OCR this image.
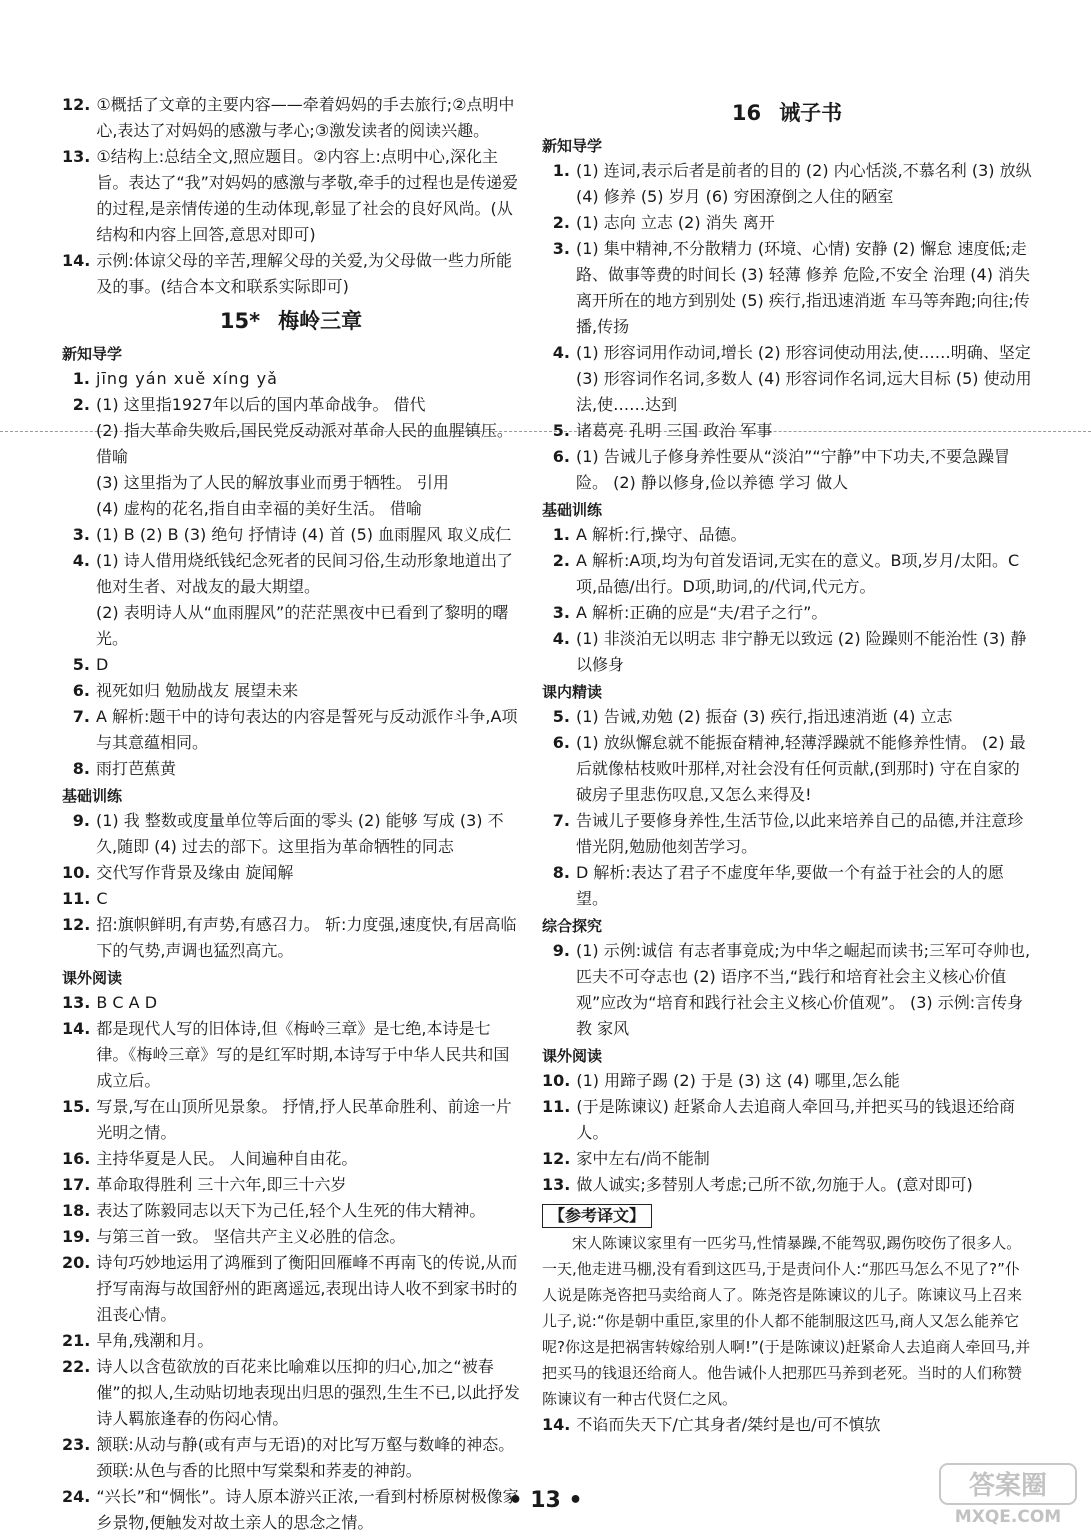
12. ①概括了文章的主要内容——牵着妈妈的手去旅行;②点明中心,表达了对妈妈的感激与孝心;③激发读者的阅读兴趣。

13. ①结构上:总结全文,照应题目。②内容上:点明中心,深化主旨。表达了“我”对妈妈的感激与孝敬,牵手的过程也是传递爱的过程,是亲情传递的生动体现,彰显了社会的良好风尚。(从结构和内容上回答,意思对即可)

14. 示例:体谅父母的辛苦,理解父母的关爱,为父母做一些力所能及的事。(结合本文和联系实际即可)

15* 梅岭三章
新知导学
1. jīng yán xuě xíng yǎ

2. (1) 这里指1927年以后的国内革命战争。 借代

(2) 指大革命失败后,国民党反动派对革命人民的血腥镇压。 借喻

(3) 这里指为了人民的解放事业而勇于牺牲。 引用

(4) 虚构的花名,指自由幸福的美好生活。 借喻

3. (1) B (2) B (3) 绝句 抒情诗 (4) 首 (5) 血雨腥风 取义成仁

4. (1) 诗人借用烧纸钱纪念死者的民间习俗,生动形象地道出了他对生者、对战友的最大期望。

(2) 表明诗人从“血雨腥风”的茫茫黑夜中已看到了黎明的曙光。

5. D

6. 视死如归 勉励战友 展望未来

7. A 解析:题干中的诗句表达的内容是誓死与反动派作斗争,A项与其意蕴相同。

8. 雨打芭蕉黄

基础训练
9. (1) 我 整数或度量单位等后面的零头 (2) 能够 写成 (3) 不久,随即 (4) 过去的部下。这里指为革命牺牲的同志

10. 交代写作背景及缘由 旋闻解

11. C

12. 招:旗帜鲜明,有声势,有感召力。 斩:力度强,速度快,有居高临下的气势,声调也猛烈高亢。

课外阅读
13. B C A D

14. 都是现代人写的旧体诗,但《梅岭三章》是七绝,本诗是七律。《梅岭三章》写的是红军时期,本诗写于中华人民共和国成立后。

15. 写景,写在山顶所见景象。 抒情,抒人民革命胜利、前途一片光明之情。

16. 主持华夏是人民。 人间遍种自由花。

17. 革命取得胜利 三十六年,即三十六岁

18. 表达了陈毅同志以天下为己任,轻个人生死的伟大精神。

19. 与第三首一致。 坚信共产主义必胜的信念。

20. 诗句巧妙地运用了鸿雁到了衡阳回雁峰不再南飞的传说,从而抒写南海与故国舒州的距离遥远,表现出诗人收不到家书时的沮丧心情。

21. 早角,残潮和月。

22. 诗人以含苞欲放的百花来比喻难以压抑的归心,加之“被春催”的拟人,生动贴切地表现出归思的强烈,生生不已,以此抒发诗人羁旅逢春的伤闷心情。

23. 颔联:从动与静(或有声与无语)的对比写万壑与数峰的神态。颈联:从色与香的比照中写棠梨和荞麦的神韵。

24. “兴长”和“惆怅”。诗人原本游兴正浓,一看到村桥原树极像家乡景物,便触发对故土亲人的思念之情。

16 诫子书
新知导学
1. (1) 连词,表示后者是前者的目的 (2) 内心恬淡,不慕名利 (3) 放纵 (4) 修养 (5) 岁月 (6) 穷困潦倒之人住的陋室

2. (1) 志向 立志 (2) 消失 离开

3. (1) 集中精神,不分散精力 (环境、心情) 安静 (2) 懈怠 速度低;走路、做事等费的时间长 (3) 轻薄 修养 危险,不安全 治理 (4) 消失 离开所在的地方到别处 (5) 疾行,指迅速消逝 车马等奔跑;向往;传播,传扬

4. (1) 形容词用作动词,增长 (2) 形容词使动用法,使……明确、坚定 (3) 形容词作名词,多数人 (4) 形容词作名词,远大目标 (5) 使动用法,使……达到

5. 诸葛亮 孔明 三国 政治 军事

6. (1) 告诫儿子修身养性要从“淡泊”“宁静”中下功夫,不要急躁冒险。 (2) 静以修身,俭以养德 学习 做人

基础训练
1. A 解析:行,操守、品德。

2. A 解析:A项,均为句首发语词,无实在的意义。B项,岁月/太阳。C项,品德/出行。D项,助词,的/代词,代元方。

3. A 解析:正确的应是“夫/君子之行”。

4. (1) 非淡泊无以明志 非宁静无以致远 (2) 险躁则不能治性 (3) 静以修身

课内精读
5. (1) 告诫,劝勉 (2) 振奋 (3) 疾行,指迅速消逝 (4) 立志

6. (1) 放纵懈怠就不能振奋精神,轻薄浮躁就不能修养性情。 (2) 最后就像枯枝败叶那样,对社会没有任何贡献,(到那时) 守在自家的破房子里悲伤叹息,又怎么来得及!

7. 告诫儿子要修身养性,生活节俭,以此来培养自己的品德,并注意珍惜光阴,勉励他刻苦学习。

8. D 解析:表达了君子不虚度年华,要做一个有益于社会的人的愿望。

综合探究
9. (1) 示例:诚信 有志者事竟成;为中华之崛起而读书;三军可夺帅也,匹夫不可夺志也 (2) 语序不当,“践行和培育社会主义核心价值观”应改为“培育和践行社会主义核心价值观”。 (3) 示例:言传身教 家风

课外阅读
10. (1) 用蹄子踢 (2) 于是 (3) 这 (4) 哪里,怎么能

11. (于是陈谏议) 赶紧命人去追商人牵回马,并把买马的钱退还给商人。

12. 家中左右/尚不能制

13. 做人诚实;多替别人考虑;己所不欲,勿施于人。(意对即可)

【参考译文】

宋人陈谏议家里有一匹劣马,性情暴躁,不能驾驭,踢伤咬伤了很多人。一天,他走进马棚,没有看到这匹马,于是责问仆人:“那匹马怎么不见了?”仆人说是陈尧咨把马卖给商人了。陈尧咨是陈谏议的儿子。陈谏议马上召来儿子,说:“你是朝中重臣,家里的仆人都不能制服这匹马,商人又怎么能养它呢?你这是把祸害转嫁给别人啊!”(于是陈谏议)赶紧命人去追商人牵回马,并把买马的钱退还给商人。他告诫仆人把那匹马养到老死。当时的人们称赞陈谏议有一种古代贤仁之风。

14. 不谄而失天下/亡其身者/桀纣是也/可不慎欤

• 13 •	答案圈
MXQE.COM
